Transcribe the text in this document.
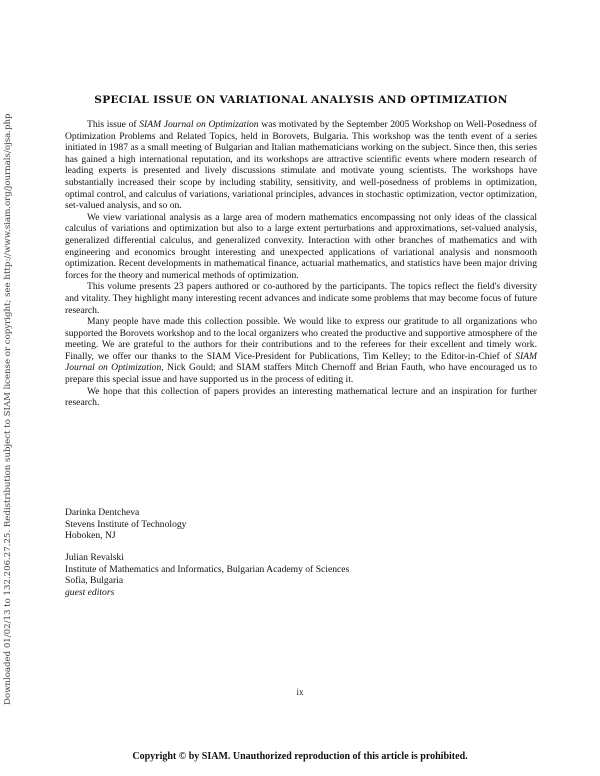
Downloaded 01/02/13 to 132.206.27.25. Redistribution subject to SIAM license or copyright; see http://www.siam.org/journals/ojsa.php
SPECIAL ISSUE ON VARIATIONAL ANALYSIS AND OPTIMIZATION

This issue of SIAM Journal on Optimization was motivated by the September 2005 Workshop on Well-Posedness of Optimization Problems and Related Topics, held in Borovets, Bulgaria. This workshop was the tenth event of a series initiated in 1987 as a small meeting of Bulgarian and Italian mathematicians working on the subject. Since then, this series has gained a high international reputation, and its workshops are attractive scientific events where modern research of leading experts is presented and lively discussions stimulate and motivate young scientists. The workshops have substantially increased their scope by including stability, sensitivity, and well-posedness of problems in optimization, optimal control, and calculus of variations, variational principles, advances in stochastic optimization, vector optimization, set-valued analysis, and so on.

We view variational analysis as a large area of modern mathematics encompassing not only ideas of the classical calculus of variations and optimization but also to a large extent perturbations and approximations, set-valued analysis, generalized differential calculus, and generalized convexity. Interaction with other branches of mathematics and with engineering and economics brought interesting and unexpected applications of variational analysis and nonsmooth optimization. Recent developments in mathematical finance, actuarial mathematics, and statistics have been major driving forces for the theory and numerical methods of optimization.

This volume presents 23 papers authored or co-authored by the participants. The topics reflect the field's diversity and vitality. They highlight many interesting recent advances and indicate some problems that may become focus of future research.

Many people have made this collection possible. We would like to express our gratitude to all organizations who supported the Borovets workshop and to the local organizers who created the productive and supportive atmosphere of the meeting. We are grateful to the authors for their contributions and to the referees for their excellent and timely work. Finally, we offer our thanks to the SIAM Vice-President for Publications, Tim Kelley; to the Editor-in-Chief of SIAM Journal on Optimization, Nick Gould; and SIAM staffers Mitch Chernoff and Brian Fauth, who have encouraged us to prepare this special issue and have supported us in the process of editing it.

We hope that this collection of papers provides an interesting mathematical lecture and an inspiration for further research.

Darinka Dentcheva
Stevens Institute of Technology
Hoboken, NJ
Julian Revalski
Institute of Mathematics and Informatics, Bulgarian Academy of Sciences
Sofia, Bulgaria
guest editors
ix
Copyright © by SIAM. Unauthorized reproduction of this article is prohibited.
